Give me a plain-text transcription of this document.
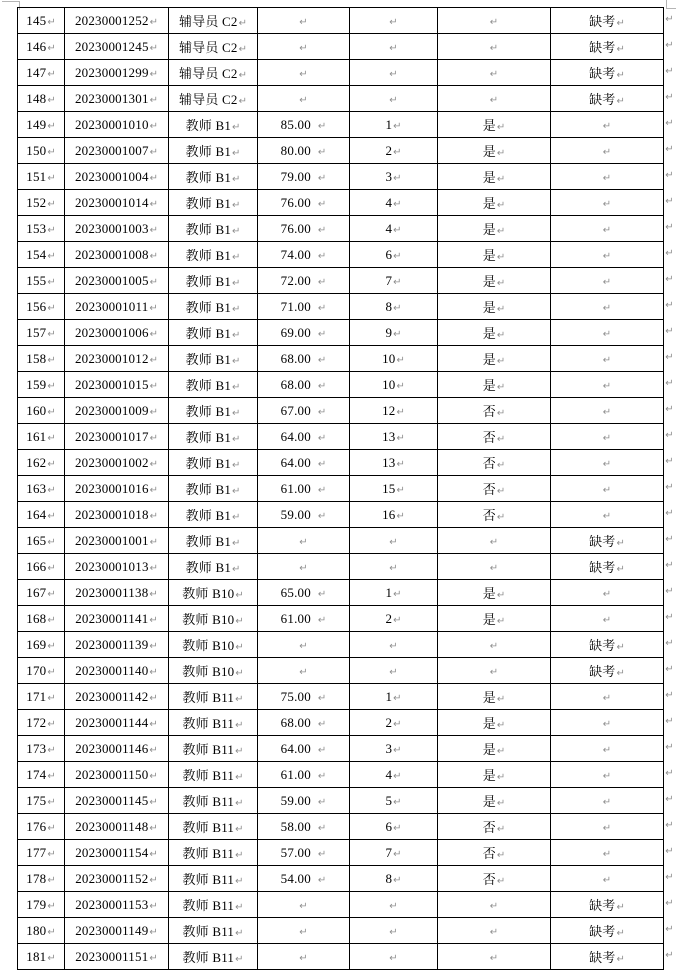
145↵	20230001252↵	辅导员 C2↵	↵	↵	↵	缺考↵
146↵	20230001245↵	辅导员 C2↵	↵	↵	↵	缺考↵
147↵	20230001299↵	辅导员 C2↵	↵	↵	↵	缺考↵
148↵	20230001301↵	辅导员 C2↵	↵	↵	↵	缺考↵
149↵	20230001010↵	教师 B1↵	85.00 ↵	1↵	是↵	↵
150↵	20230001007↵	教师 B1↵	80.00 ↵	2↵	是↵	↵
151↵	20230001004↵	教师 B1↵	79.00 ↵	3↵	是↵	↵
152↵	20230001014↵	教师 B1↵	76.00 ↵	4↵	是↵	↵
153↵	20230001003↵	教师 B1↵	76.00 ↵	4↵	是↵	↵
154↵	20230001008↵	教师 B1↵	74.00 ↵	6↵	是↵	↵
155↵	20230001005↵	教师 B1↵	72.00 ↵	7↵	是↵	↵
156↵	20230001011↵	教师 B1↵	71.00 ↵	8↵	是↵	↵
157↵	20230001006↵	教师 B1↵	69.00 ↵	9↵	是↵	↵
158↵	20230001012↵	教师 B1↵	68.00 ↵	10↵	是↵	↵
159↵	20230001015↵	教师 B1↵	68.00 ↵	10↵	是↵	↵
160↵	20230001009↵	教师 B1↵	67.00 ↵	12↵	否↵	↵
161↵	20230001017↵	教师 B1↵	64.00 ↵	13↵	否↵	↵
162↵	20230001002↵	教师 B1↵	64.00 ↵	13↵	否↵	↵
163↵	20230001016↵	教师 B1↵	61.00 ↵	15↵	否↵	↵
164↵	20230001018↵	教师 B1↵	59.00 ↵	16↵	否↵	↵
165↵	20230001001↵	教师 B1↵	↵	↵	↵	缺考↵
166↵	20230001013↵	教师 B1↵	↵	↵	↵	缺考↵
167↵	20230001138↵	教师 B10↵	65.00 ↵	1↵	是↵	↵
168↵	20230001141↵	教师 B10↵	61.00 ↵	2↵	是↵	↵
169↵	20230001139↵	教师 B10↵	↵	↵	↵	缺考↵
170↵	20230001140↵	教师 B10↵	↵	↵	↵	缺考↵
171↵	20230001142↵	教师 B11↵	75.00 ↵	1↵	是↵	↵
172↵	20230001144↵	教师 B11↵	68.00 ↵	2↵	是↵	↵
173↵	20230001146↵	教师 B11↵	64.00 ↵	3↵	是↵	↵
174↵	20230001150↵	教师 B11↵	61.00 ↵	4↵	是↵	↵
175↵	20230001145↵	教师 B11↵	59.00 ↵	5↵	是↵	↵
176↵	20230001148↵	教师 B11↵	58.00 ↵	6↵	否↵	↵
177↵	20230001154↵	教师 B11↵	57.00 ↵	7↵	否↵	↵
178↵	20230001152↵	教师 B11↵	54.00 ↵	8↵	否↵	↵
179↵	20230001153↵	教师 B11↵	↵	↵	↵	缺考↵
180↵	20230001149↵	教师 B11↵	↵	↵	↵	缺考↵
181↵	20230001151↵	教师 B11↵	↵	↵	↵	缺考↵
↵
↵
↵
↵
↵
↵
↵
↵
↵
↵
↵
↵
↵
↵
↵
↵
↵
↵
↵
↵
↵
↵
↵
↵
↵
↵
↵
↵
↵
↵
↵
↵
↵
↵
↵
↵
↵
